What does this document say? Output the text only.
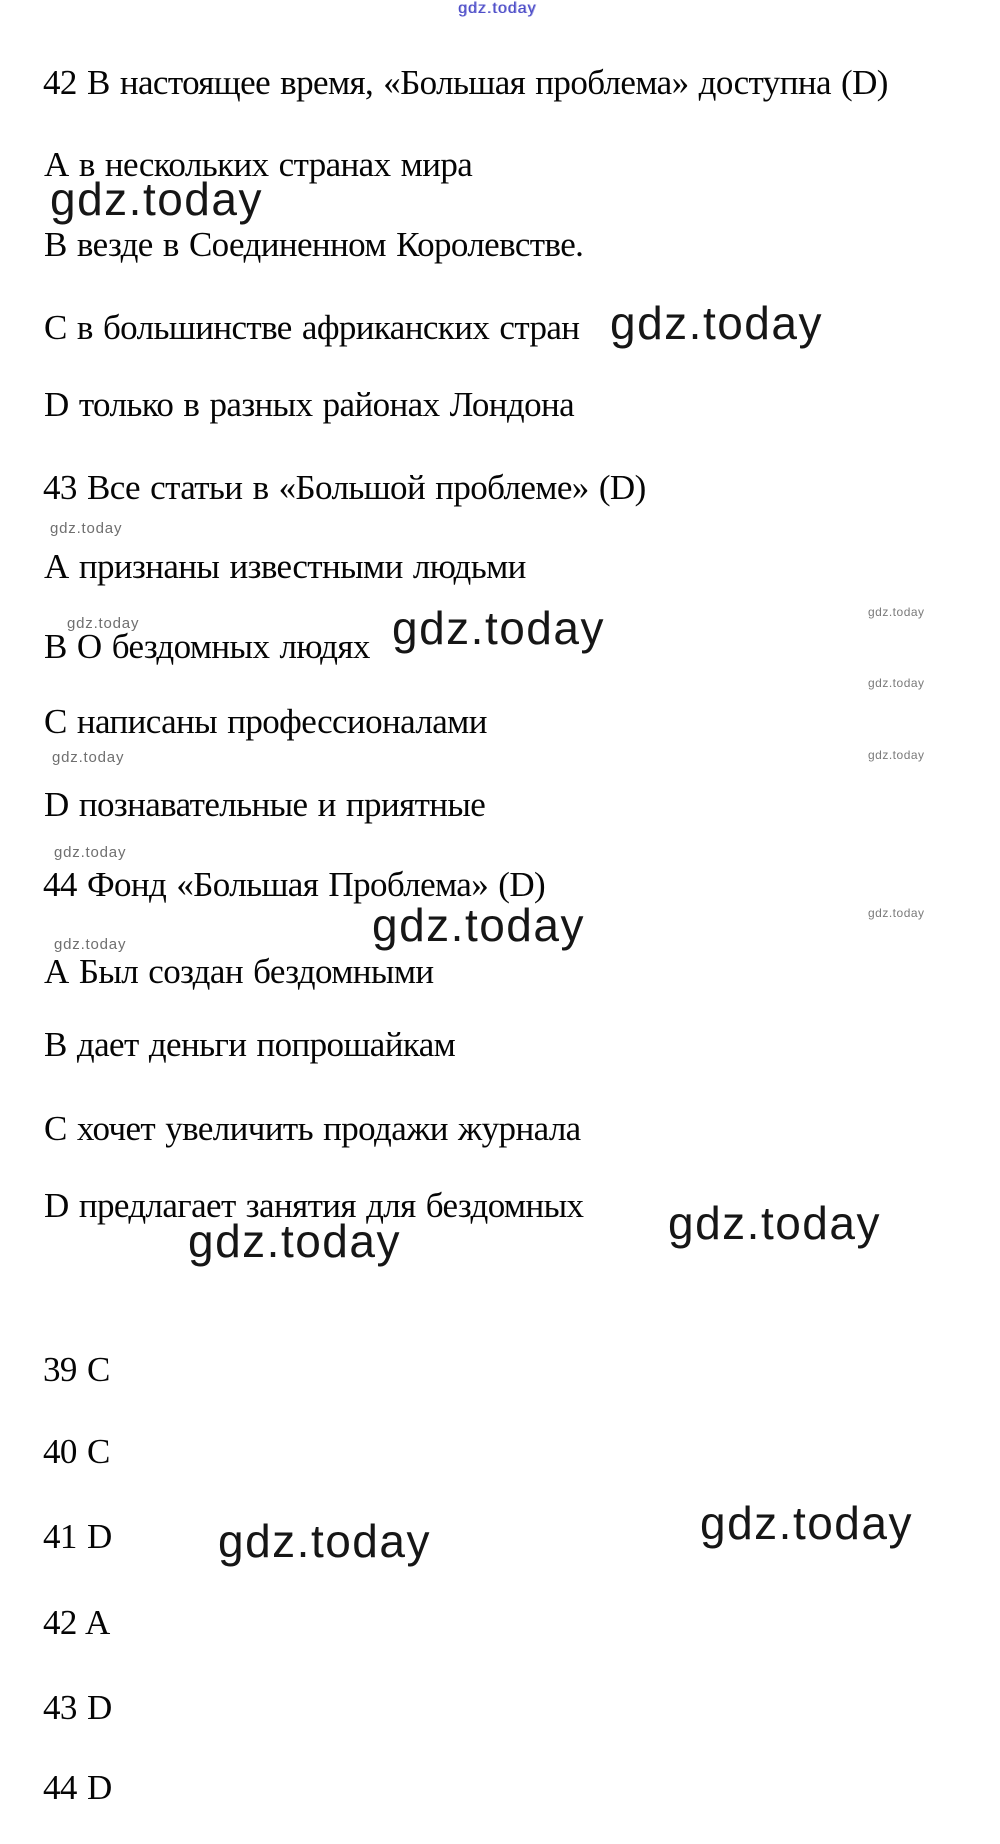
42 В настоящее время, «Большая проблема» доступна (D)
А в нескольких странах мира
В везде в Соединенном Королевстве.
С в большинстве африканских стран
D только в разных районах Лондона
43 Все статьи в «Большой проблеме» (D)
А признаны известными людьми
В О бездомных людях
С написаны профессионалами
D познавательные и приятные
44 Фонд «Большая Проблема» (D)
А Был создан бездомными
В дает деньги попрошайкам
С хочет увеличить продажи журнала
D предлагает занятия для бездомных
39 C
40 C
41 D
42 A
43 D
44 D
gdz.today
gdz.today
gdz.today
gdz.today
gdz.today
gdz.today	gdz.today
gdz.today	gdz.today
gdz.today
gdz.today
gdz.today
gdz.today
gdz.today
gdz.today
gdz.today
gdz.today
gdz.today
